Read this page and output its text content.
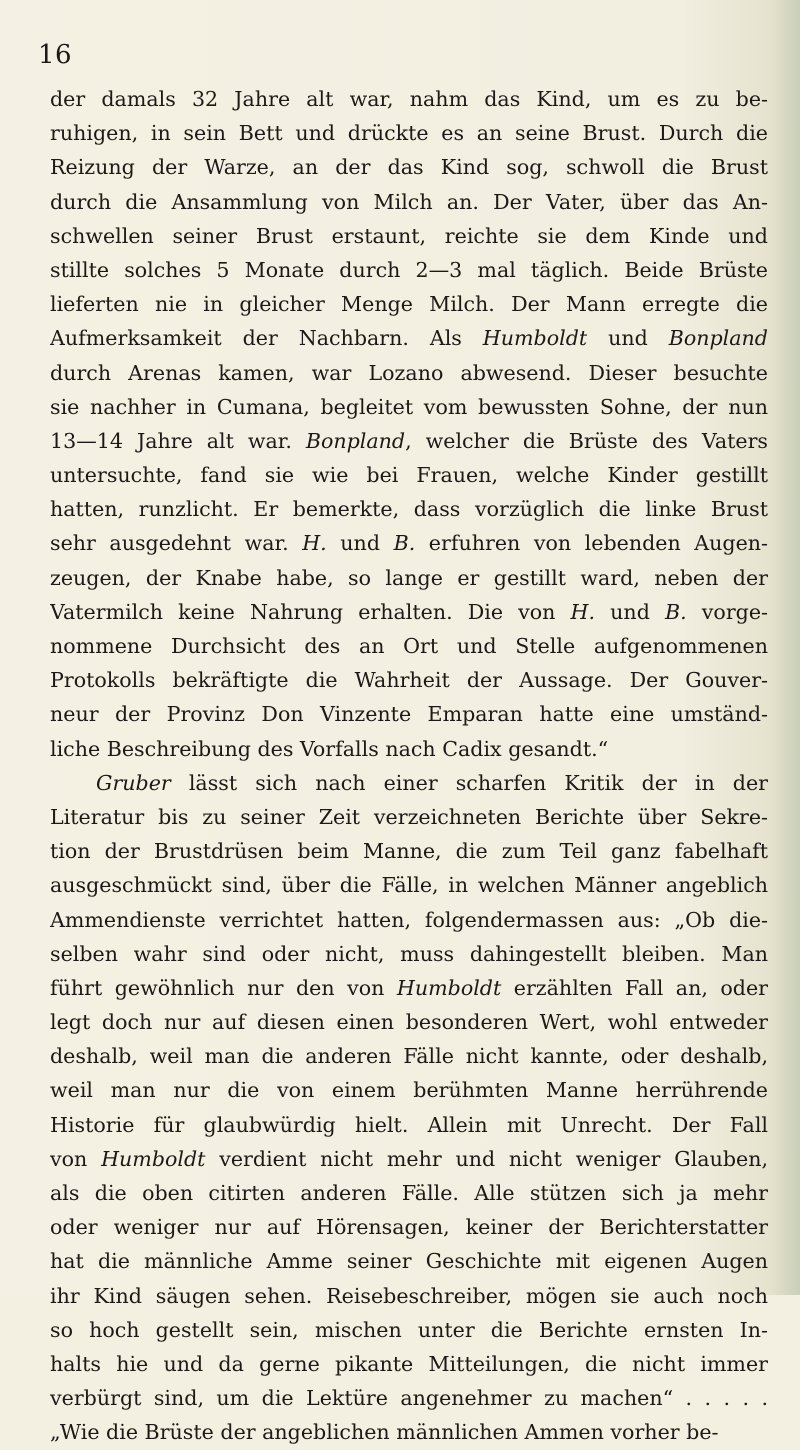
16
der damals 32 Jahre alt war, nahm das Kind, um es zu be-
ruhigen, in sein Bett und drückte es an seine Brust. Durch die
Reizung der Warze, an der das Kind sog, schwoll die Brust
durch die Ansammlung von Milch an. Der Vater, über das An-
schwellen seiner Brust erstaunt, reichte sie dem Kinde und
stillte solches 5 Monate durch 2—3 mal täglich. Beide Brüste
lieferten nie in gleicher Menge Milch. Der Mann erregte die
Aufmerksamkeit der Nachbarn. Als Humboldt und Bonpland
durch Arenas kamen, war Lozano abwesend. Dieser besuchte
sie nachher in Cumana, begleitet vom bewussten Sohne, der nun
13—14 Jahre alt war. Bonpland, welcher die Brüste des Vaters
untersuchte, fand sie wie bei Frauen, welche Kinder gestillt
hatten, runzlicht. Er bemerkte, dass vorzüglich die linke Brust
sehr ausgedehnt war. H. und B. erfuhren von lebenden Augen-
zeugen, der Knabe habe, so lange er gestillt ward, neben der
Vatermilch keine Nahrung erhalten. Die von H. und B. vorge-
nommene Durchsicht des an Ort und Stelle aufgenommenen
Protokolls bekräftigte die Wahrheit der Aussage. Der Gouver-
neur der Provinz Don Vinzente Emparan hatte eine umständ-
liche Beschreibung des Vorfalls nach Cadix gesandt.“
Gruber lässt sich nach einer scharfen Kritik der in der
Literatur bis zu seiner Zeit verzeichneten Berichte über Sekre-
tion der Brustdrüsen beim Manne, die zum Teil ganz fabelhaft
ausgeschmückt sind, über die Fälle, in welchen Männer angeblich
Ammendienste verrichtet hatten, folgendermassen aus: „Ob die-
selben wahr sind oder nicht, muss dahingestellt bleiben. Man
führt gewöhnlich nur den von Humboldt erzählten Fall an, oder
legt doch nur auf diesen einen besonderen Wert, wohl entweder
deshalb, weil man die anderen Fälle nicht kannte, oder deshalb,
weil man nur die von einem berühmten Manne herrührende
Historie für glaubwürdig hielt. Allein mit Unrecht. Der Fall
von Humboldt verdient nicht mehr und nicht weniger Glauben,
als die oben citirten anderen Fälle. Alle stützen sich ja mehr
oder weniger nur auf Hörensagen, keiner der Berichterstatter
hat die männliche Amme seiner Geschichte mit eigenen Augen
ihr Kind säugen sehen. Reisebeschreiber, mögen sie auch noch
so hoch gestellt sein, mischen unter die Berichte ernsten In-
halts hie und da gerne pikante Mitteilungen, die nicht immer
verbürgt sind, um die Lektüre angenehmer zu machen“ . . . . .
„Wie die Brüste der angeblichen männlichen Ammen vorher be-
